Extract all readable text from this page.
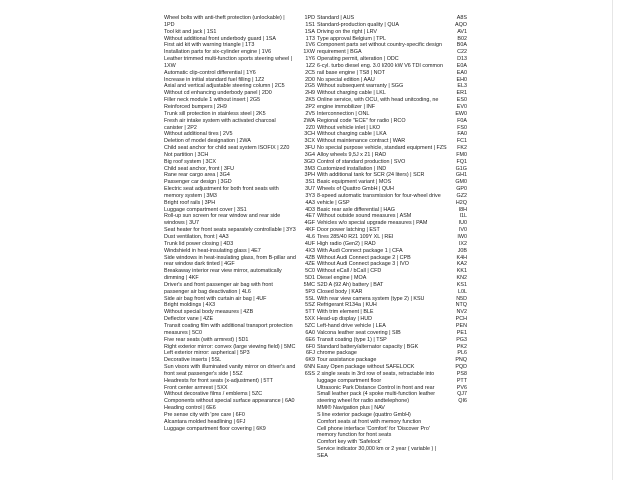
Wheel bolts with anti-theft protection (unlockable) | 1PD
Tool kit and jack | 1S1
Without additional front underbody guard | 1SA
First aid kit with warning triangle | 1T3
Installation parts for six-cylinder engine | 1V6
Leather trimmed multi-function sports steering wheel | 1XW
Automatic clip-control differential | 1Y6
Increase in initial standard fuel filling | 1Z2
Axial and vertical adjustable steering column | 2C5
Without cd enhancing underbody panel | 2D0
Filler neck module 1 without insert | 2G5
Reinforced bumpers | 2H9
Trunk sill protection in stainless steel | 2K5
Fresh air intake system with activated charcoal canister | 2P2
Without additional tires | 2V5
Deletion of model designation | 2WA
Child seat anchor for child seat system ISOFIX | 2Z0
Not partition | 3CH
Big roof system | 3CX
Child seat anchor, front | 3FU
Rane rear cargo area | 3G4
Passenger car design | 3GD
Electric seat adjustment for both front seats with memory system | 3M3
Bright roof rails | 3PH
Luggage compartment cover | 3S1
Roll-up sun screen for rear window and rear side windows | 3U7
Seat heater for front seats separately controllable | 3Y3
Dust ventilation, front | 4A3
Trunk lid power closing | 4D3
Windshield in heat-insulating glass | 4E7
Side windows in heat-insulating glass, from B-pillar and rear window dark tinted | 4GF
Breakaway interior rear view mirror, automatically dimming | 4KF
Driver's and front passenger air bag with front passenger air bag deactivation | 4L6
Side air bag front with curtain air bag | 4UF
Bright moldings | 4X3
Without special body measures | 4ZB
Deflector vane | 4ZE
Transit coating film with additional transport protection measures | 5C0
Five rear seats (with armrest) | 5D1
Right exterior mirror: convex (large viewing field) | 5MC
Left exterior mirror: aspherical | 5P3
Decorative inserts | 5SL
Sun visors with illuminated vanity mirror on driver's and front seat passenger's side | 5SZ
Headrests for front seats (x-adjustment) | 5TT
Front center armrest | 5XX
Without decorative films / emblems | 5ZC
Components without special surface appearance | 6A0
Heading control | 6E6
Pre sense city with 'pre care | 6F0
Alcantara molded headlining | 6FJ
Luggage compartment floor covering | 6K9
1PD
1S1
1SA
1T3
1V6
1XW
1Y6
1Z2
2C5
2D0
2G5
2H9
2K5
2P2
2V5
2WA
2Z0
3CH
3CX
3FU
3G4
3GD
3M3
3PH
3S1
3U7
3Y3
4A3
4D3
4E7
4GF
4KF
4L6
4UF
4X3
4ZB
4ZE
5C0
5D1
5MC
5P3
5SL
5SZ
5TT
5XX
5ZC
6A0
6E6
6F0
6FJ
6K9
6NN
6SS
Standard | AUS
Standard-production quality | QUA
Driving on the right | LRV
Type approval Belgium | TPL
Component parts set without country-specific design requirement | BGA
Operating permit, alteration | ODC
6-cyl. turbo diesel eng. 3.0 l/200 kW V6 TDI common rail base engine | TS8 | NOT
No special edition | AAU
Without subsequent warranty | SGG
Without charging cable | LKL
Online service, with OCU, with head unitcoding, ne engine immobilizer | INF
Interconnection | ONL
Regional code "ECE" for radio | RCO
Without vehicle inlet | LKO
Without charging cable | LKA
Without maintenance contract | WAR
No special purpose vehicle, standard equipment | FZS
Alloy wheels 9,5J x 21 | RAD
Control of standard production | SVO
Customized installation | IND
With additional tank for SCR (24 liters) | SCR
Basic equipment variant | MOS
Wheels of Quattro GmbH | QUH
8-speed automatic transmission for four-wheel drive vehicle | GSP
Basic rear axle differential | HAG
Without outside sound measures | ASM
Vehicles w/o special upgrade measures | PAM
Door power latching | EST
Tires 285/40 R21 109Y XL | REI
High radio (Gen2) | RAD
With Audi Connect package 1 | CFA
Without Audi Connect package 2 | CPB
Without Audi Connect package 3 | IVO
Without eCall / bCall | CFD
Diesel engine | MOA
S2D A (92 Ah) battery | BAT
Closed body | KAR
With rear view camera system (type 2) | KSU
Refrigerant R134a | KUH
With trim element | BLE
Head-up display | HUD
Left-hand drive vehicle | LEA
Valcona leather seat covering | SIB
Transit coating (type 1) | TSP
Standard battery/alternator capacity | BGK
chrome package
Tour assistance package
Easy Open package without SAFELOCK
2 single seats in 3rd row of seats, retractable into luggage compartment floor
Ultrasonic Park Distance Control in front and rear
Small leather pack (4 spoke multi-function leather steering wheel for radio andtelephone)
MMI® Navigation plus | NAV
S line exterior package (quattro GmbH)
Comfort seats at front with memory function
Cell phone interface 'Comfort' for 'Discover Pro'
memory function for front seats
Comfort key with 'Safelock'
Service indicator 30,000 km or 2 year ( variable ) | SEA
A8S
AQO
AV1
B02
B0A
C22
D13
E0A
EA0
EH0
EL3
ER1
ES0
EV0
EW0
F0A
FS0
FA0
FC1
FK2
FM0
FQ1
G1G
GH1
GM0
GP0
GZ2
H2Q
I8H
I1L
IU0
IV0
IW0
IX2
J0B
K4H
KA2
KK1
KN2
KS1
L0L
N5D
NTQ
NV2
PCH
PEN
PE1
PG3
PK2
PL6
PNQ
PQD
PS8
PTT
PV6
QJ7
QI6
